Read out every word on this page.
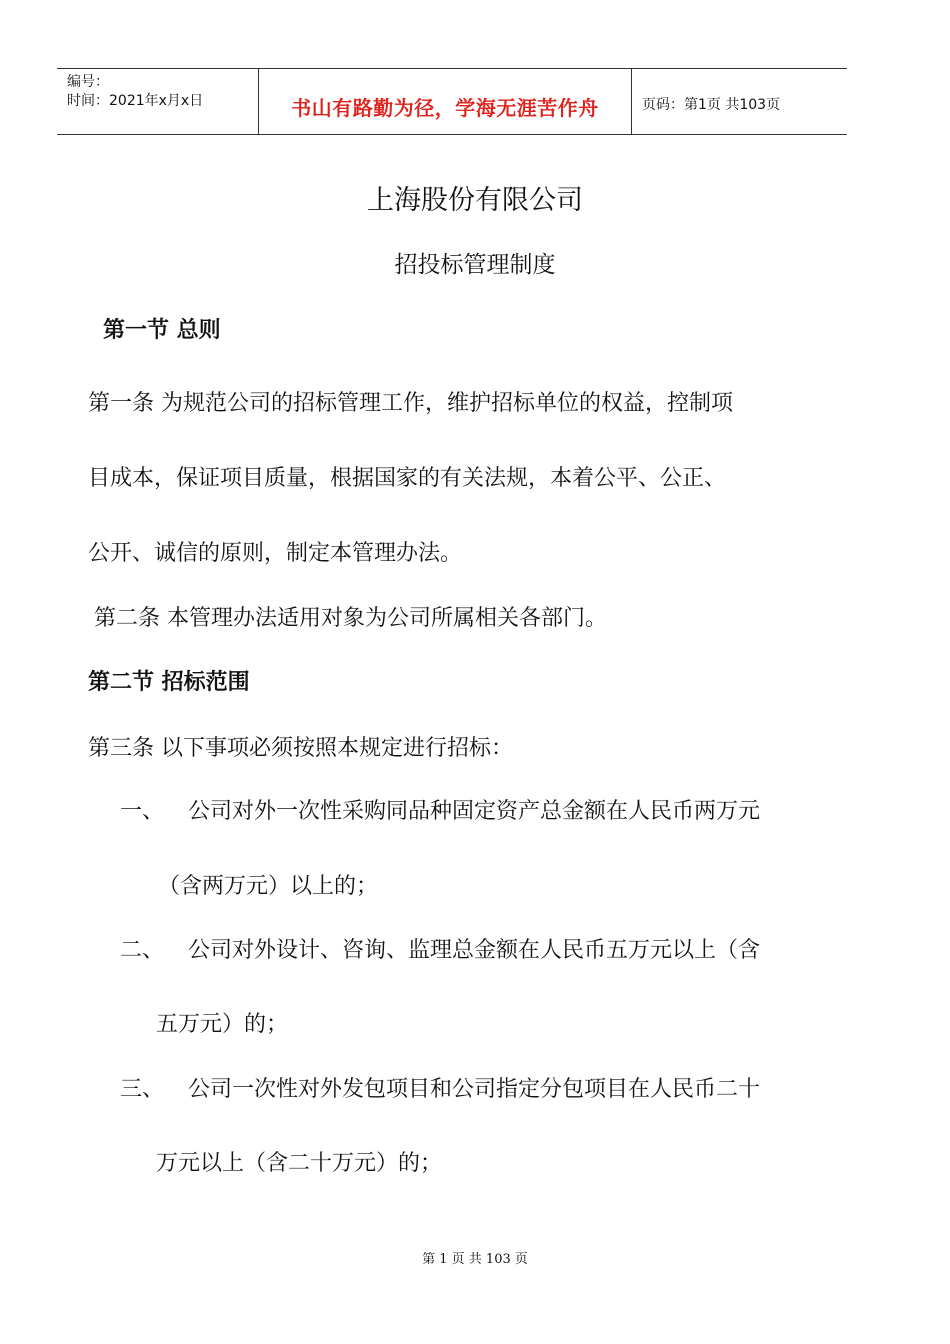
编号：
时间：2021年x月x日	书山有路勤为径，学海无涯苦作舟	页码：第1页 共103页
上海股份有限公司
招投标管理制度
第一节 总则
第一条 为规范公司的招标管理工作，维护招标单位的权益，控制项
目成本，保证项目质量，根据国家的有关法规，本着公平、公正、
公开、诚信的原则，制定本管理办法。
第二条 本管理办法适用对象为公司所属相关各部门。
第二节 招标范围
第三条 以下事项必须按照本规定进行招标：
一、 公司对外一次性采购同品种固定资产总金额在人民币两万元
（含两万元）以上的；
二、 公司对外设计、咨询、监理总金额在人民币五万元以上（含
五万元）的；
三、 公司一次性对外发包项目和公司指定分包项目在人民币二十
万元以上（含二十万元）的；
第 1 页 共 103 页
